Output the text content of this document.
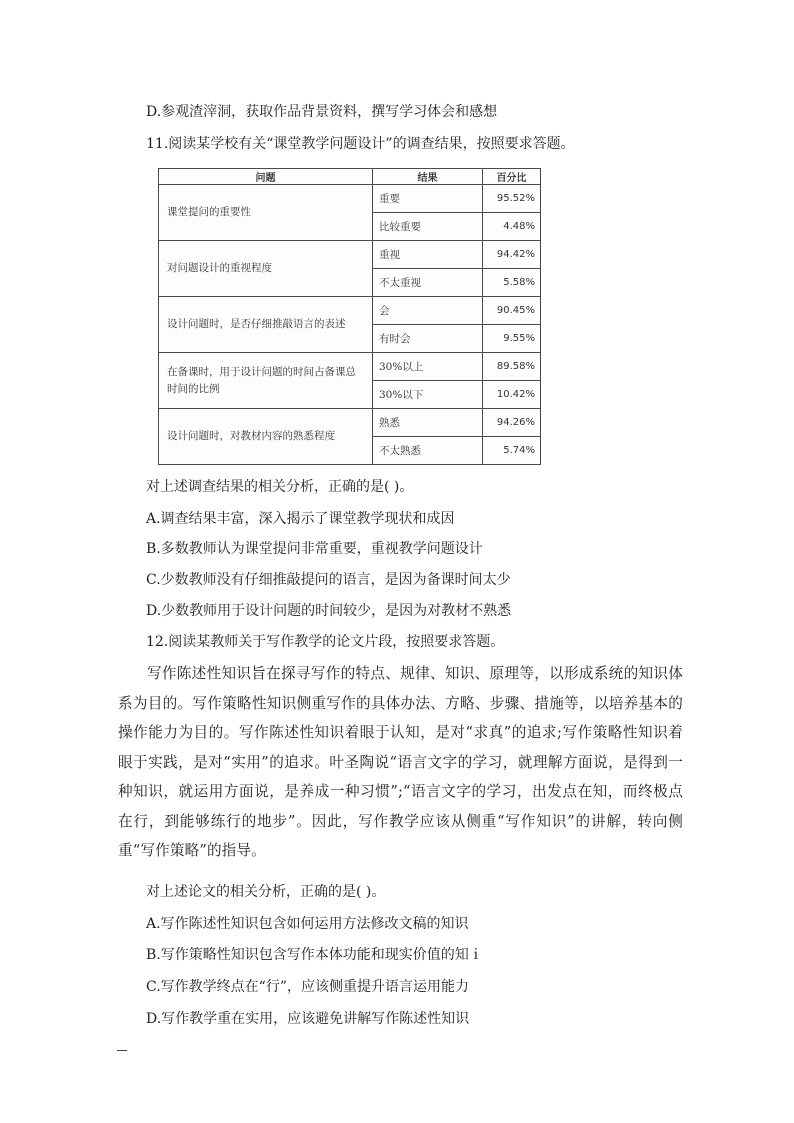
D.参观渣滓洞，获取作品背景资料，撰写学习体会和感想
11.阅读某学校有关“课堂教学问题设计”的调查结果，按照要求答题。
问题	结果	百分比
课堂提问的重要性	重要	95.52%
	比较重要	4.48%
对问题设计的重视程度	重视	94.42%
	不太重视	5.58%
设计问题时，是否仔细推敲语言的表述	会	90.45%
	有时会	9.55%
在备课时，用于设计问题的时间占备课总时间的比例	30%以上	89.58%
	30%以下	10.42%
设计问题时，对教材内容的熟悉程度	熟悉	94.26%
	不太熟悉	5.74%
对上述调查结果的相关分析，正确的是( )。
A.调查结果丰富，深入揭示了课堂教学现状和成因
B.多数教师认为课堂提问非常重要，重视教学问题设计
C.少数教师没有仔细推敲提问的语言，是因为备课时间太少
D.少数教师用于设计问题的时间较少，是因为对教材不熟悉
12.阅读某教师关于写作教学的论文片段，按照要求答题。
写作陈述性知识旨在探寻写作的特点、规律、知识、原理等，以形成系统的知识体系为目的。写作策略性知识侧重写作的具体办法、方略、步骤、措施等，以培养基本的操作能力为目的。写作陈述性知识着眼于认知，是对“求真”的追求;写作策略性知识着眼于实践，是对“实用”的追求。叶圣陶说“语言文字的学习，就理解方面说，是得到一种知识，就运用方面说，是养成一种习惯”;“语言文字的学习，出发点在知，而终极点在行，到能够练行的地步”。因此，写作教学应该从侧重“写作知识”的讲解，转向侧重“写作策略”的指导。
对上述论文的相关分析，正确的是( )。
A.写作陈述性知识包含如何运用方法修改文稿的知识
B.写作策略性知识包含写作本体功能和现实价值的知ｉ
C.写作教学终点在“行”，应该侧重提升语言运用能力
D.写作教学重在实用，应该避免讲解写作陈述性知识
